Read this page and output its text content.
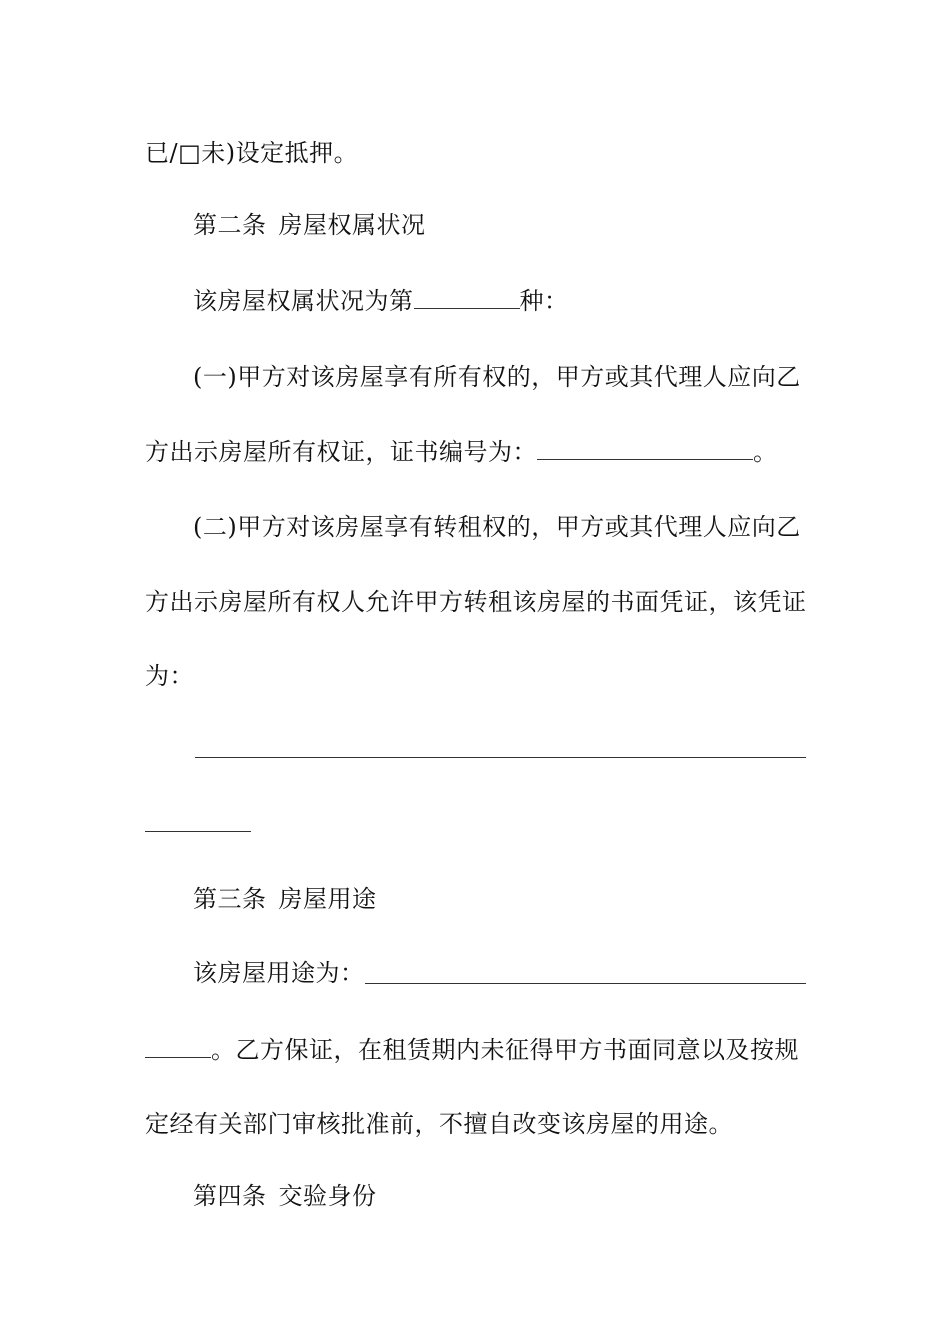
已/□未)设定抵押。
第二条 房屋权属状况
该房屋权属状况为第	种：
(一)甲方对该房屋享有所有权的，甲方或其代理人应向乙
方出示房屋所有权证，证书编号为：	。
(二)甲方对该房屋享有转租权的，甲方或其代理人应向乙
方出示房屋所有权人允许甲方转租该房屋的书面凭证，该凭证
为：
第三条 房屋用途
该房屋用途为：
。乙方保证，在租赁期内未征得甲方书面同意以及按规
定经有关部门审核批准前，不擅自改变该房屋的用途。
第四条 交验身份
